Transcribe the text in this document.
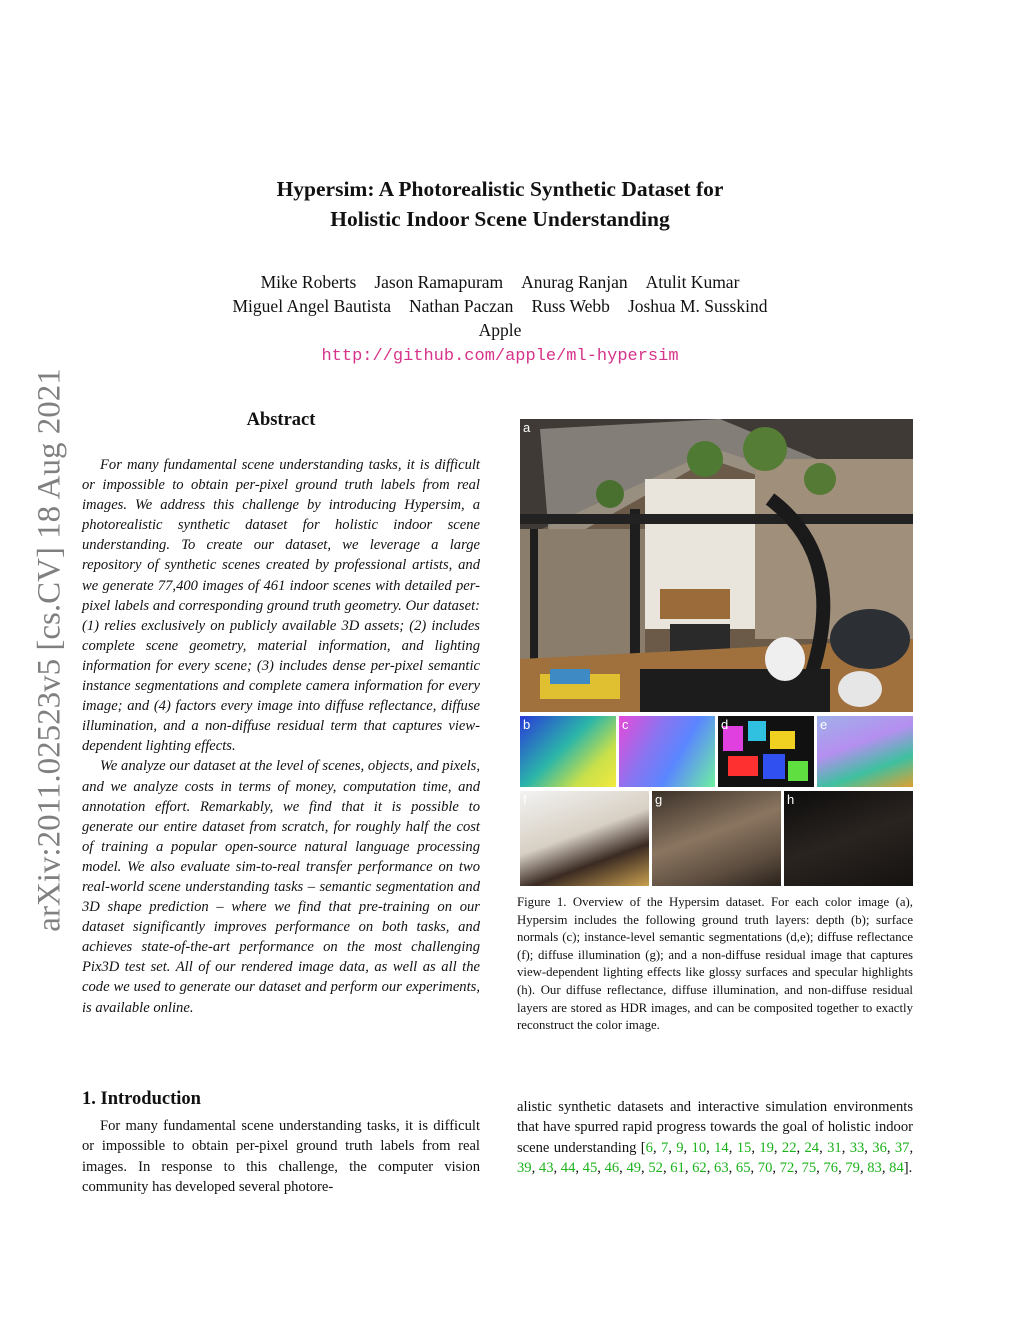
arXiv:2011.02523v5 [cs.CV] 18 Aug 2021
Hypersim: A Photorealistic Synthetic Dataset for
Holistic Indoor Scene Understanding
Mike Roberts Jason Ramapuram Anurag Ranjan Atulit Kumar
Miguel Angel Bautista Nathan Paczan Russ Webb Joshua M. Susskind
Apple
http://github.com/apple/ml-hypersim
Abstract

For many fundamental scene understanding tasks, it is difficult or impossible to obtain per-pixel ground truth labels from real images. We address this challenge by introducing Hypersim, a photorealistic synthetic dataset for holistic indoor scene understanding. To create our dataset, we leverage a large repository of synthetic scenes created by professional artists, and we generate 77,400 images of 461 indoor scenes with detailed per-pixel labels and corresponding ground truth geometry. Our dataset: (1) relies exclusively on publicly available 3D assets; (2) includes complete scene geometry, material information, and lighting information for every scene; (3) includes dense per-pixel semantic instance segmentations and complete camera information for every image; and (4) factors every image into diffuse reflectance, diffuse illumination, and a non-diffuse residual term that captures view-dependent lighting effects.

We analyze our dataset at the level of scenes, objects, and pixels, and we analyze costs in terms of money, computation time, and annotation effort. Remarkably, we find that it is possible to generate our entire dataset from scratch, for roughly half the cost of training a popular open-source natural language processing model. We also evaluate sim-to-real transfer performance on two real-world scene understanding tasks – semantic segmentation and 3D shape prediction – where we find that pre-training on our dataset significantly improves performance on both tasks, and achieves state-of-the-art performance on the most challenging Pix3D test set. All of our rendered image data, as well as all the code we used to generate our dataset and perform our experiments, is available online.

a
b	c	d	e
f	g	h
Figure 1. Overview of the Hypersim dataset. For each color image (a), Hypersim includes the following ground truth layers: depth (b); surface normals (c); instance-level semantic segmentations (d,e); diffuse reflectance (f); diffuse illumination (g); and a non-diffuse residual image that captures view-dependent lighting effects like glossy surfaces and specular highlights (h). Our diffuse reflectance, diffuse illumination, and non-diffuse residual layers are stored as HDR images, and can be composited together to exactly reconstruct the color image.
1. Introduction

For many fundamental scene understanding tasks, it is difficult or impossible to obtain per-pixel ground truth labels from real images. In response to this challenge, the computer vision community has developed several photore-

alistic synthetic datasets and interactive simulation environments that have spurred rapid progress towards the goal of holistic indoor scene understanding [6, 7, 9, 10, 14, 15, 19, 22, 24, 31, 33, 36, 37, 39, 43, 44, 45, 46, 49, 52, 61, 62, 63, 65, 70, 72, 75, 76, 79, 83, 84].
